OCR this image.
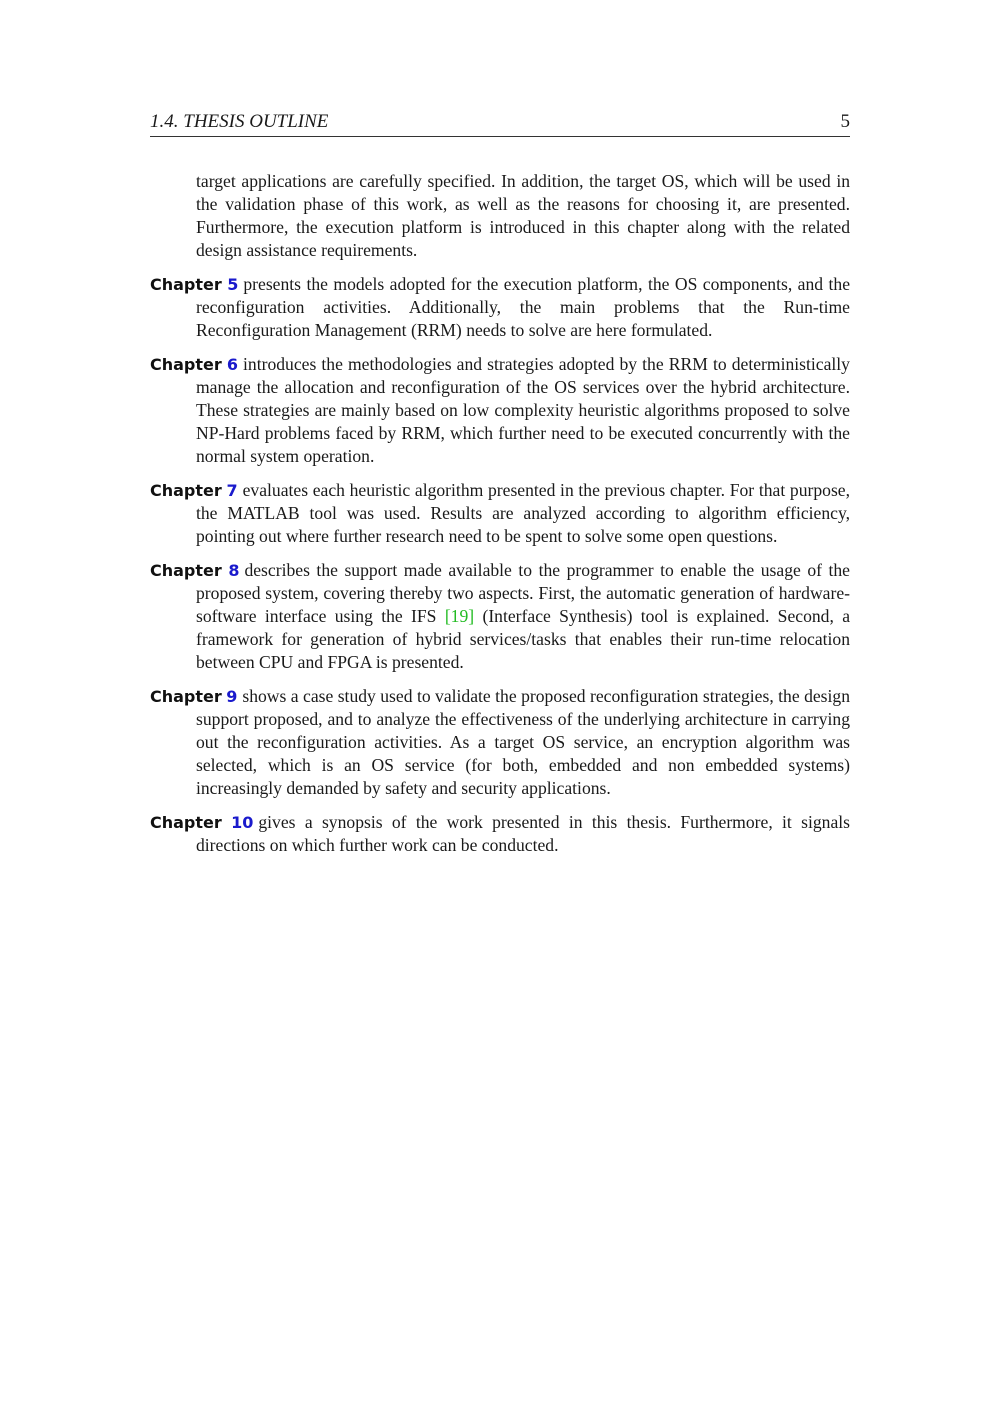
1.4. THESIS OUTLINE	5

target applications are carefully specified. In addition, the target OS, which will be used in the validation phase of this work, as well as the reasons for choosing it, are presented. Furthermore, the execution platform is introduced in this chapter along with the related design assistance requirements.

Chapter 5 presents the models adopted for the execution platform, the OS components, and the reconfiguration activities. Additionally, the main problems that the Run-time Reconfiguration Management (RRM) needs to solve are here formulated.

Chapter 6 introduces the methodologies and strategies adopted by the RRM to deterministically manage the allocation and reconfiguration of the OS services over the hybrid architecture. These strategies are mainly based on low complexity heuristic algorithms proposed to solve NP-Hard problems faced by RRM, which further need to be executed concurrently with the normal system operation.

Chapter 7 evaluates each heuristic algorithm presented in the previous chapter. For that purpose, the MATLAB tool was used. Results are analyzed according to algorithm efficiency, pointing out where further research need to be spent to solve some open questions.

Chapter 8 describes the support made available to the programmer to enable the usage of the proposed system, covering thereby two aspects. First, the automatic generation of hardware-software interface using the IFS [19] (Interface Synthesis) tool is explained. Second, a framework for generation of hybrid services/tasks that enables their run-time relocation between CPU and FPGA is presented.

Chapter 9 shows a case study used to validate the proposed reconfiguration strategies, the design support proposed, and to analyze the effectiveness of the underlying architecture in carrying out the reconfiguration activities. As a target OS service, an encryption algorithm was selected, which is an OS service (for both, embedded and non embedded systems) increasingly demanded by safety and security applications.

Chapter 10 gives a synopsis of the work presented in this thesis. Furthermore, it signals directions on which further work can be conducted.
